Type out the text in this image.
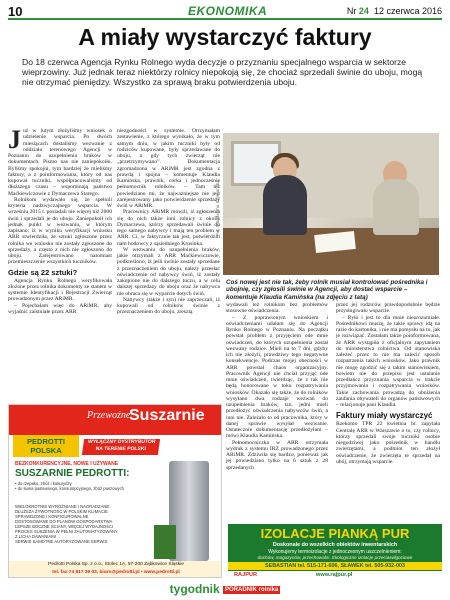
10	EKONOMIKA	Nr 24 12 czerwca 2016
A miały wystarczyć faktury
Do 18 czerwca Agencja Rynku Rolnego wyda decyzje o przyznaniu specjalnego wsparcia w sektorze wieprzowiny. Już jednak teraz niektórzy rolnicy niepokoją się, że chociaż sprzedali świnie do uboju, mogą nie otrzymać pieniędzy. Wszystko za sprawą braku potwierdzenia uboju.

Już w lutym złożyliśmy wniosek o udzielenie wsparcia. Po dwóch miesiącach dostaliśmy wezwanie z oddziału terenowego Agencji w Poznaniu do uzupełnienia braków w dokumentach. Pismo nas nie zaniepokoiło. Byliśmy spokojni, tym bardziej że mieliśmy faktury, a z poinformowania, który od nas kupował tuczniki, współpracowaliśmy od dłuższego czasu – wspominają państwo Maćkiewiczowie z Dymaczewa Starego.

Rolnikom wydawało się, że spełnili kryteria nadzwyczajnego wsparcia. W wrześniu 2015 r. posiadali nie więcej niż 2000 świń i sprzedali je do uboju. Zaniepokoił ich jednak punkt w wezwaniu, w którym zapisano, iż w wyniku weryfikacji wniosku ARR stwierdziła, że sztuki zgłoszone przez rolnika we wniosku nie zostały zgłoszone do sprzedaży, a często z nich nie zgłoszono do uboju. Zarejestrowano natomiast przemieszczenie wszystkich tuczników.

Gdzie są 22 sztuki?

Agencja Rynku Rolnego weryfikowała złożone przez rolnika dokumenty ze stanem w systemie Identyfikacji i Rejestracji Zwierząt prowadzonym przez ARiMR.

– Pojechałam więc do ARiMR, aby wyjaśnić zaistniałe przez ARR

niezgodności w systemie. Otrzymałam zestawienie, z którego wynikało, że w tym samym dniu, w jakim tuczniki były od rodziców kupowane, były sprzedawane do uboju, a gdy tych zwierząt nie „przetrzymywano”. Dokumentacja zgromadzona w ARiMR jest zgodna z prawdą i spójna – komentuje Klaudia Kamińska, prawnik, córka i jednocześnie pełnomocnik rolników. – Tam też powiedziano mi, że najważniejsze nie jest zarejestrowany jako potwierdzenie sprzedaży świń w ARiMR.

Pracownicy ARiMR mówili, iż zgłoszenia się do nich także inni rolnicy z okolic Dymaczewa, którzy sprzedawali świnie do tego samego nabywcy i mają ten problem w ARR. Ci, w faktycznie tak jest, potwierdzili nam hodowcy z sąsiedniego Krosinka.

W wezwaniu do uzupełnienia braków, jakie otrzymali z ARR Maćkiewiczowie, podkreślono, iż jeśli świnie zostały sprzedane z przeznaczeniem do uboju, należy przesłać oświadczenie od nabywcy świń, iż zostały zakupione nie do dalszego tuczu, a w celu dalszej sprzedaży do uboju oraz że nabywca nie obraca się w wyparcie dotych świń.

Nabywcy (także i syn) nie zaprzeczali, iż kupowali od rolników świnie z przeznaczeniem do uboju, zresztą

Fot. Magdalena Szymańska
Coś nowej jest nie tak, żeby rolnik musiał kontrolować pośrednika i ubojnię, czy zgłosili świnie w Agencji, aby dostać wsparcie – komentuje Klaudia Kamińska (na zdjęciu z tatą)

wydawali też rolnikom bez problemów stosowne oświadczenia.

– Z poprawionym wnioskiem i oświadczeniami udałam się do Agencji Rynku Rolnego w Poznaniu. Na początku powstał problem z przyjęciem ode mnie oświadczeń, do których uzupełnienia został wezwany rodzice. Mieli na to 7 dni, gdyby ich nie złożyli, prawdziwy tego negatywne konsekwencje. Podczas mojej obecności w ARR powstał chaos organizacyjny. Pracownik Agencji nie chciał przyjąć ode mnie oświadczeń, twierdząc, że z tak nie będą honorowane w toku rozpatrywania wniosków. Okazało się także, że do rolników wysyłano dwa rodzaje wezwań do uzupełnienia braków, tzn. jedni mieli przedłożyć oświadczenia nabywców świń, a inni nie. Zależało to od pracownika, który w danej sprawie wysyłał wezwanie. Ostatecznie dokumentację przedłożyłam – mówi Klaudia Kamińska.

Pełnomocniczka w ARR otrzymała wydruk z systemu IRZ prowadzonego przez ARiMR. Zdziwiła się bardzo, ponieważ jak jej powiedziano tylko na 6 sztuk z 28 sprzedanych

przez jej rodziców prawdopodobnie będzie przysługiwało wsparcie.

– Było i jest to dla mnie niezrozumiałe. Pośrednikowi muszę, że takie sprawy idą na razie do kartonika, i nie ma pomysłu na to, jak je rozwiązać. Zostałam także poinformowana, że ARR wystąpiła z oficjalnym zapytaniem do ministerstwa rolnictwa. Od stanowiska zależeć przez to nie ma zalecić sposób rozpatrzenia takich wniosków. Jako prawnik nie mogę zgodzić się z takim stanowiskiem, bowiem nie do przepisu jest ustalanie przedłańcz przyznania wsparcia w trakcie przyjmowania i rozpatrywania wniosków. Takie zachowania prowadzą do obniżenia zaufania obywateli do organów państwowych – relacjonuje pani Klaudia.

Faktury miały wystarczyć

Rzekomo TPR 22 kwietnia br. zapytała Centralę ARR w Warszawie o to, czy rolnicy, którzy sprzedali swoje tuczniki osobie niegodziwej jako pośrednik w handlu zwierzętami, a podmiot ten złożył oświadczenie, że zwierzęta te sprzedał na ubój, otrzymają wsparcie.

Przewoźne
Suszarnie
PEDROTTI POLSKA
WYŁĄCZNY DYSTRYBUTOR NA TERENIE POLSKI
BEZKONKURENCYJNE, NOWE I UŻYWANE
SUSZARNIE PEDROTTI:
• do rzepaku, zbóż i kukurydzy
• do siana pastewnego, konsumpcyjnego, zbóż paszowych
WIELOKROTNIE WYRÓŻNIANE I NAGRADZANE
DŁUŻSZA ŻYWOTNOŚĆ W POLSKIM KLIMACIE
SPRAWDZONE I KONFIGUROWALNE
DOSTOSOWANE DO PLANÓW GOSPODARSTWA
LEPSZE BOCZNE ŚCIANY, WIĘCEJ WYDAJNOŚCI
PROCES SUSZENIA W PEŁNI ZAUTOMATYZOWANY
Z LICHA DAWANIAMI
SERWIS SAMOTNE AUTORYZOWANE SERWIS
Pedrotti Polska Sp. z o.o., Stolec 1A, 57-200 Ząbkowice Śląskie
tel. fax 74 817 36 03, biuro@pedrotti.pl • www.pedrotti.pl
IZOLACJE PIANKĄ PUR
Doskonale do wszelkich obiektów inwentarskich
Wykonujemy termoizolacje z jednoczesnym uszczelnieniem:
dachów, magazynów, przechowalni. Ekologiczne izolacje przeciwwilgociowe
SEBASTIAN tel. 515-171-606, SŁAWEK tel. 505-932-003
RAJPUR	www.rajpur.pl
tygodnik PORADNIK rolnika
